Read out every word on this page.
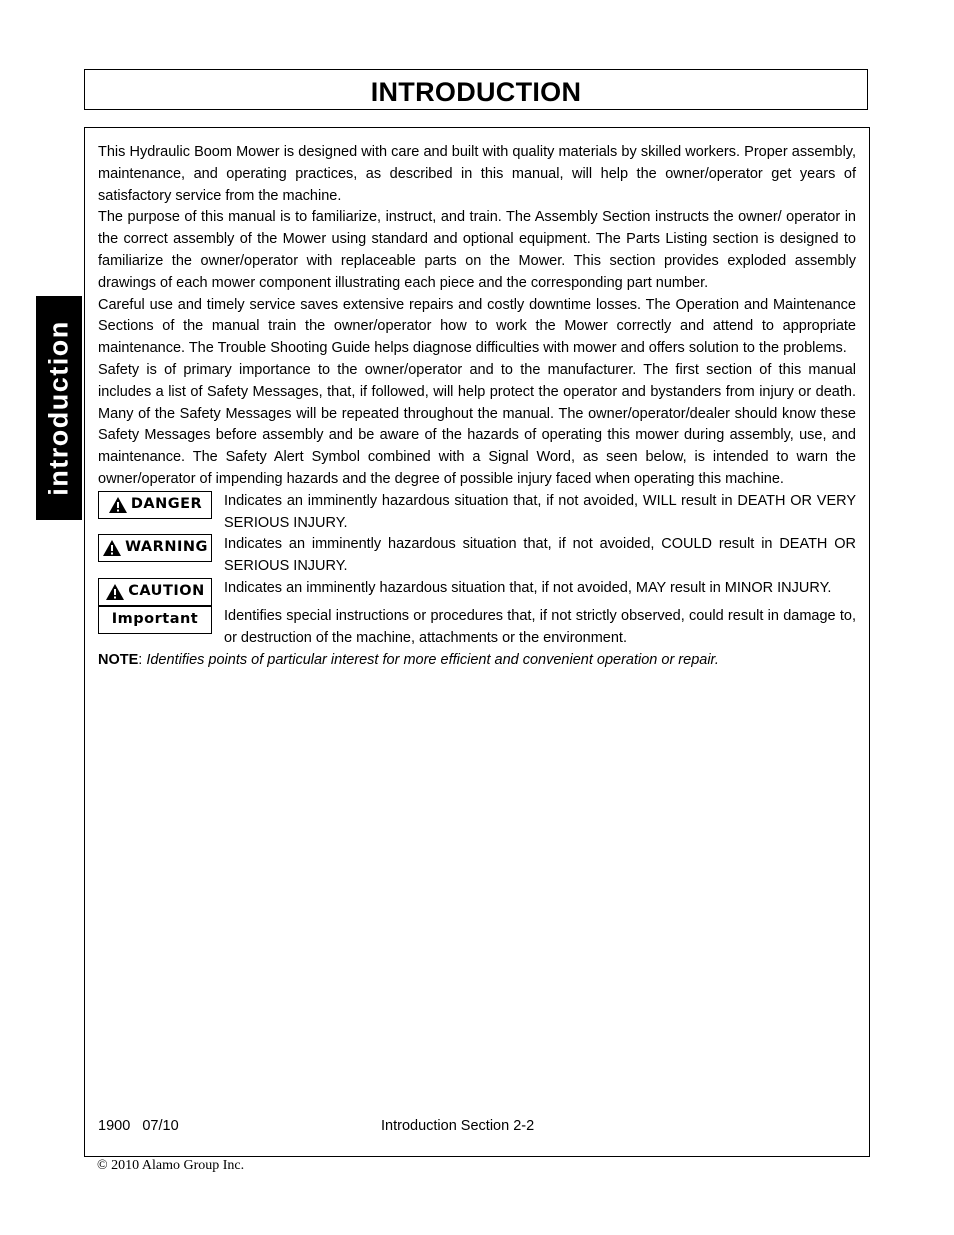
INTRODUCTION
introduction

This Hydraulic Boom Mower is designed with care and built with quality materials by skilled workers. Proper assembly, maintenance, and operating practices, as described in this manual, will help the owner/operator get years of satisfactory service from the machine.

The purpose of this manual is to familiarize, instruct, and train. The Assembly Section instructs the owner/ operator in the correct assembly of the Mower using standard and optional equipment. The Parts Listing section is designed to familiarize the owner/operator with replaceable parts on the Mower. This section provides exploded assembly drawings of each mower component illustrating each piece and the corresponding part number.

Careful use and timely service saves extensive repairs and costly downtime losses. The Operation and Maintenance Sections of the manual train the owner/operator how to work the Mower correctly and attend to appropriate maintenance. The Trouble Shooting Guide helps diagnose difficulties with mower and offers solution to the problems.

Safety is of primary importance to the owner/operator and to the manufacturer. The first section of this manual includes a list of Safety Messages, that, if followed, will help protect the operator and bystanders from injury or death. Many of the Safety Messages will be repeated throughout the manual. The owner/operator/dealer should know these Safety Messages before assembly and be aware of the hazards of operating this mower during assembly, use, and maintenance. The Safety Alert Symbol combined with a Signal Word, as seen below, is intended to warn the owner/operator of impending hazards and the degree of possible injury faced when operating this machine.

DANGER Indicates an imminently hazardous situation that, if not avoided, WILL result in DEATH OR VERY SERIOUS INJURY.
WARNING Indicates an imminently hazardous situation that, if not avoided, COULD result in DEATH OR SERIOUS INJURY.
CAUTION Indicates an imminently hazardous situation that, if not avoided, MAY result in MINOR INJURY.
Important Identifies special instructions or procedures that, if not strictly observed, could result in damage to, or destruction of the machine, attachments or the environment.

NOTE: Identifies points of particular interest for more efficient and convenient operation or repair.

1900   07/10	Introduction Section 2-2
© 2010 Alamo Group Inc.
